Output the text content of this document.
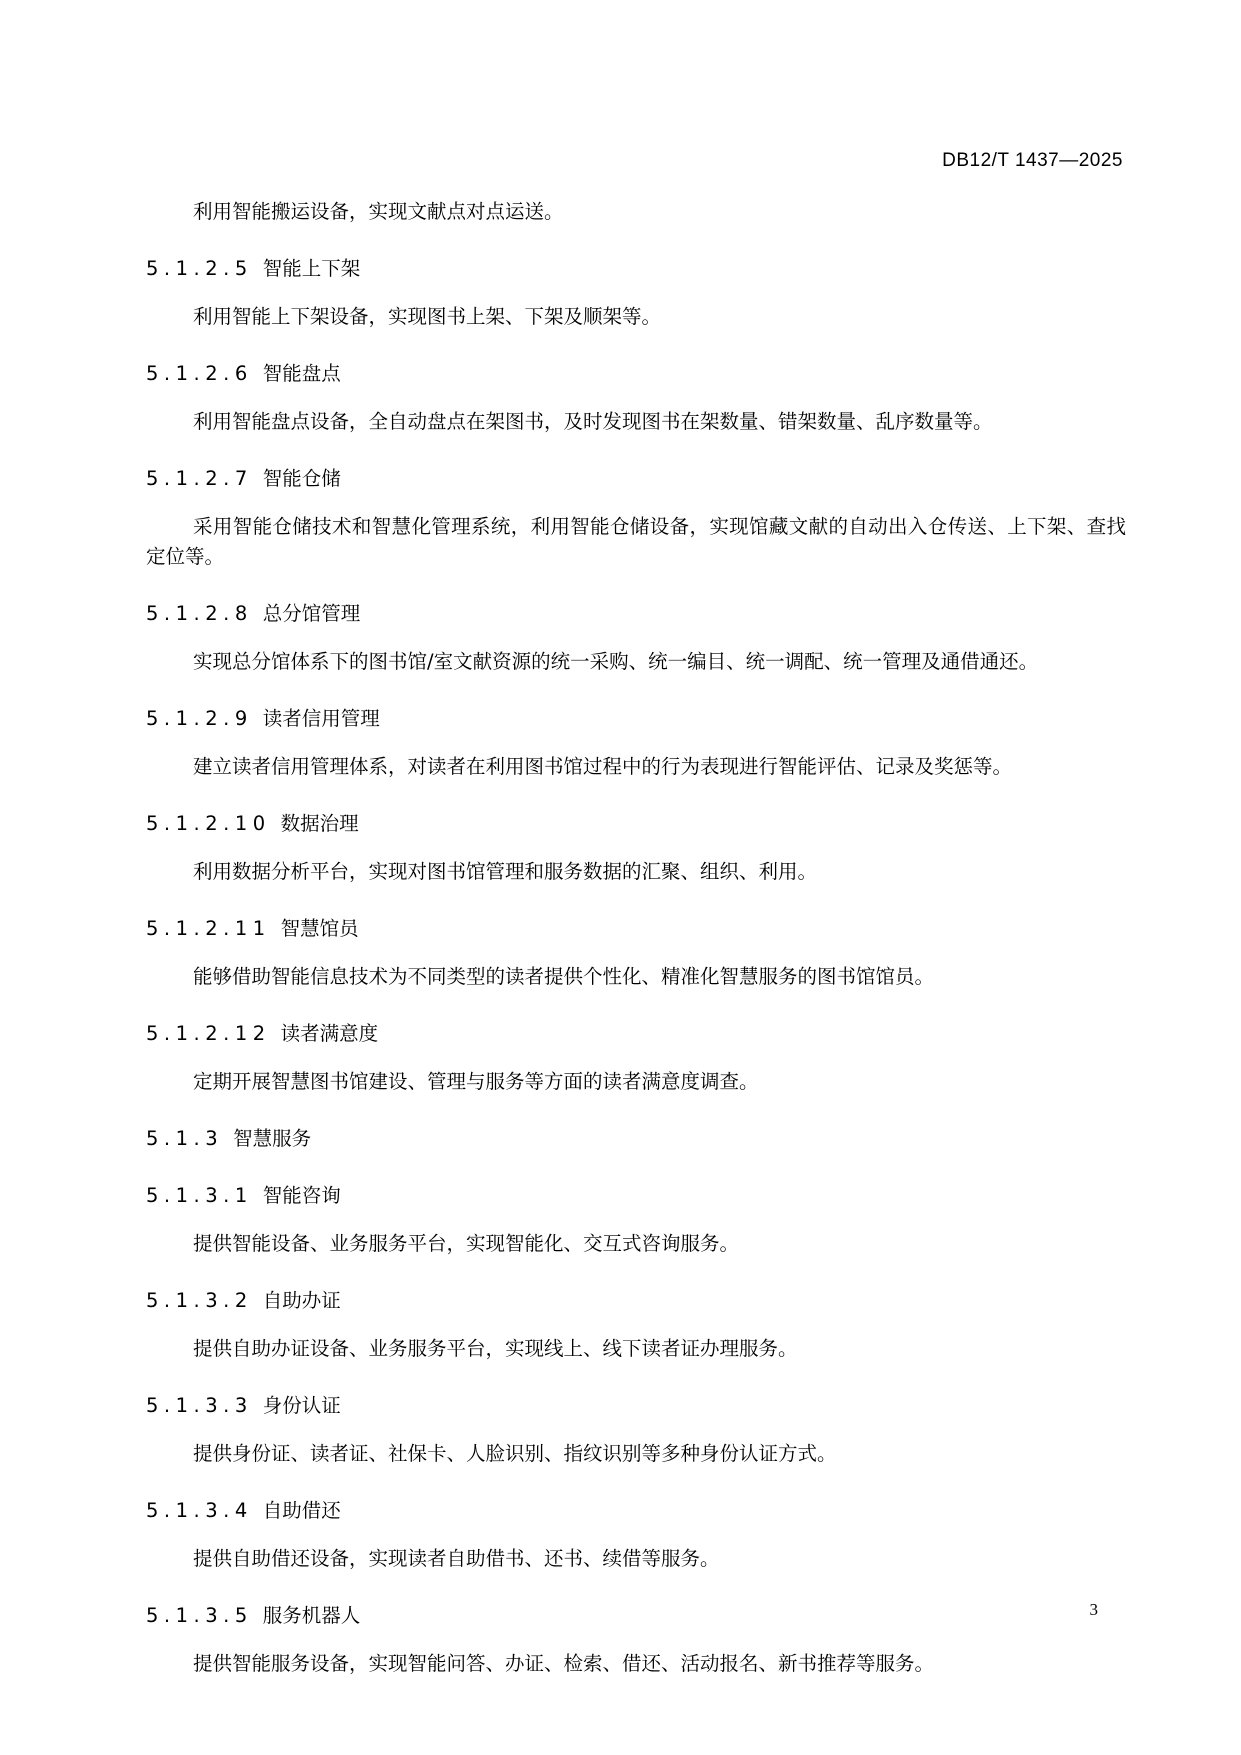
DB12/T 1437—2025
利用智能搬运设备，实现文献点对点运送。
5.1.2.5 智能上下架
利用智能上下架设备，实现图书上架、下架及顺架等。
5.1.2.6 智能盘点
利用智能盘点设备，全自动盘点在架图书，及时发现图书在架数量、错架数量、乱序数量等。
5.1.2.7 智能仓储
采用智能仓储技术和智慧化管理系统，利用智能仓储设备，实现馆藏文献的自动出入仓传送、上下架、查找定位等。
5.1.2.8 总分馆管理
实现总分馆体系下的图书馆/室文献资源的统一采购、统一编目、统一调配、统一管理及通借通还。
5.1.2.9 读者信用管理
建立读者信用管理体系，对读者在利用图书馆过程中的行为表现进行智能评估、记录及奖惩等。
5.1.2.10 数据治理
利用数据分析平台，实现对图书馆管理和服务数据的汇聚、组织、利用。
5.1.2.11 智慧馆员
能够借助智能信息技术为不同类型的读者提供个性化、精准化智慧服务的图书馆馆员。
5.1.2.12 读者满意度
定期开展智慧图书馆建设、管理与服务等方面的读者满意度调查。
5.1.3 智慧服务
5.1.3.1 智能咨询
提供智能设备、业务服务平台，实现智能化、交互式咨询服务。
5.1.3.2 自助办证
提供自助办证设备、业务服务平台，实现线上、线下读者证办理服务。
5.1.3.3 身份认证
提供身份证、读者证、社保卡、人脸识别、指纹识别等多种身份认证方式。
5.1.3.4 自助借还
提供自助借还设备，实现读者自助借书、还书、续借等服务。
5.1.3.5 服务机器人
提供智能服务设备，实现智能问答、办证、检索、借还、活动报名、新书推荐等服务。
3
